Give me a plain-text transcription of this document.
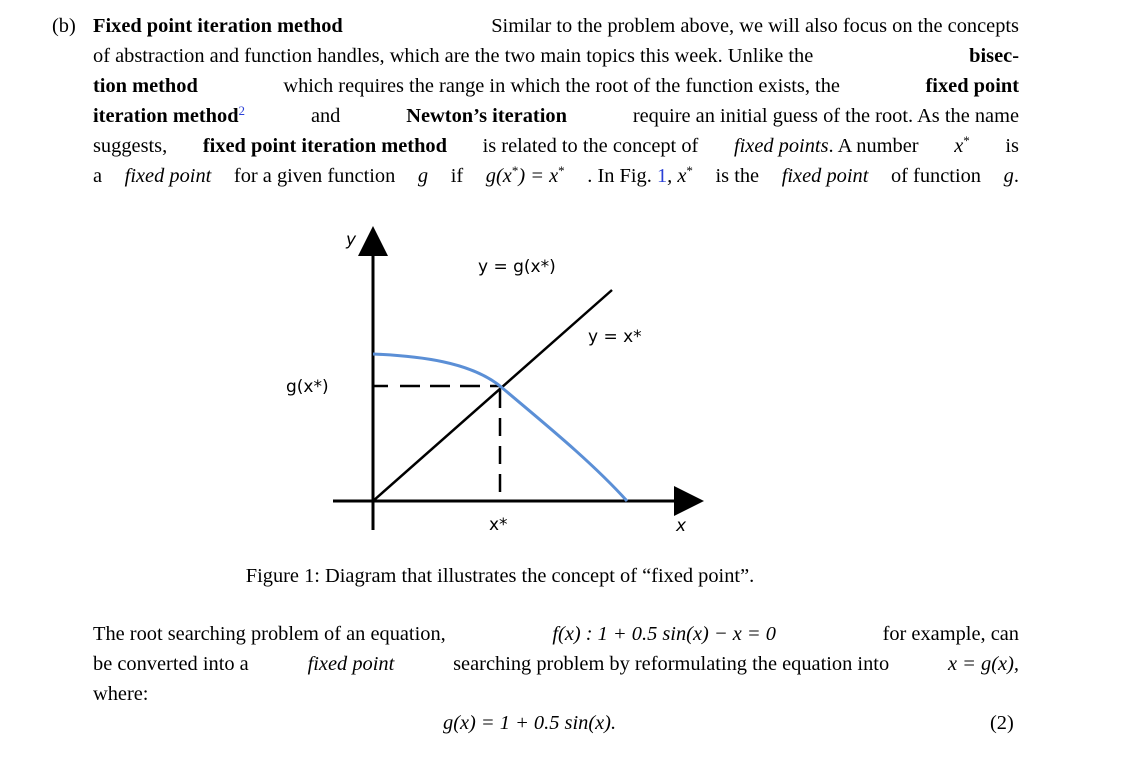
(b) Fixed point iteration method	Similar to the problem above, we will also focus on the concepts
of abstraction and function handles, which are the two main topics this week. Unlike the	bisec-
tion method	which requires the range in which the root of the function exists, the	fixed point
iteration method$^2$	and	Newton’s iteration	require an initial guess of the root. As the name
suggests, fixed point iteration method is related to the concept of fixed points. A number x* is
a fixed point for a given function g if g(x*) = x* . In Fig. 1, x* is the fixed point of function g.
y
x
y = g(x*)
y = x*
g(x*)
x*
Figure 1: Diagram that illustrates the concept of “fixed point”.
The root searching problem of an equation,	f(x) : 1 + 0.5 sin(x) − x = 0	for example, can
be converted into a	fixed point	searching problem by reformulating the equation into	x = g(x),
where:
g(x) = 1 + 0.5 sin(x).	(2)
